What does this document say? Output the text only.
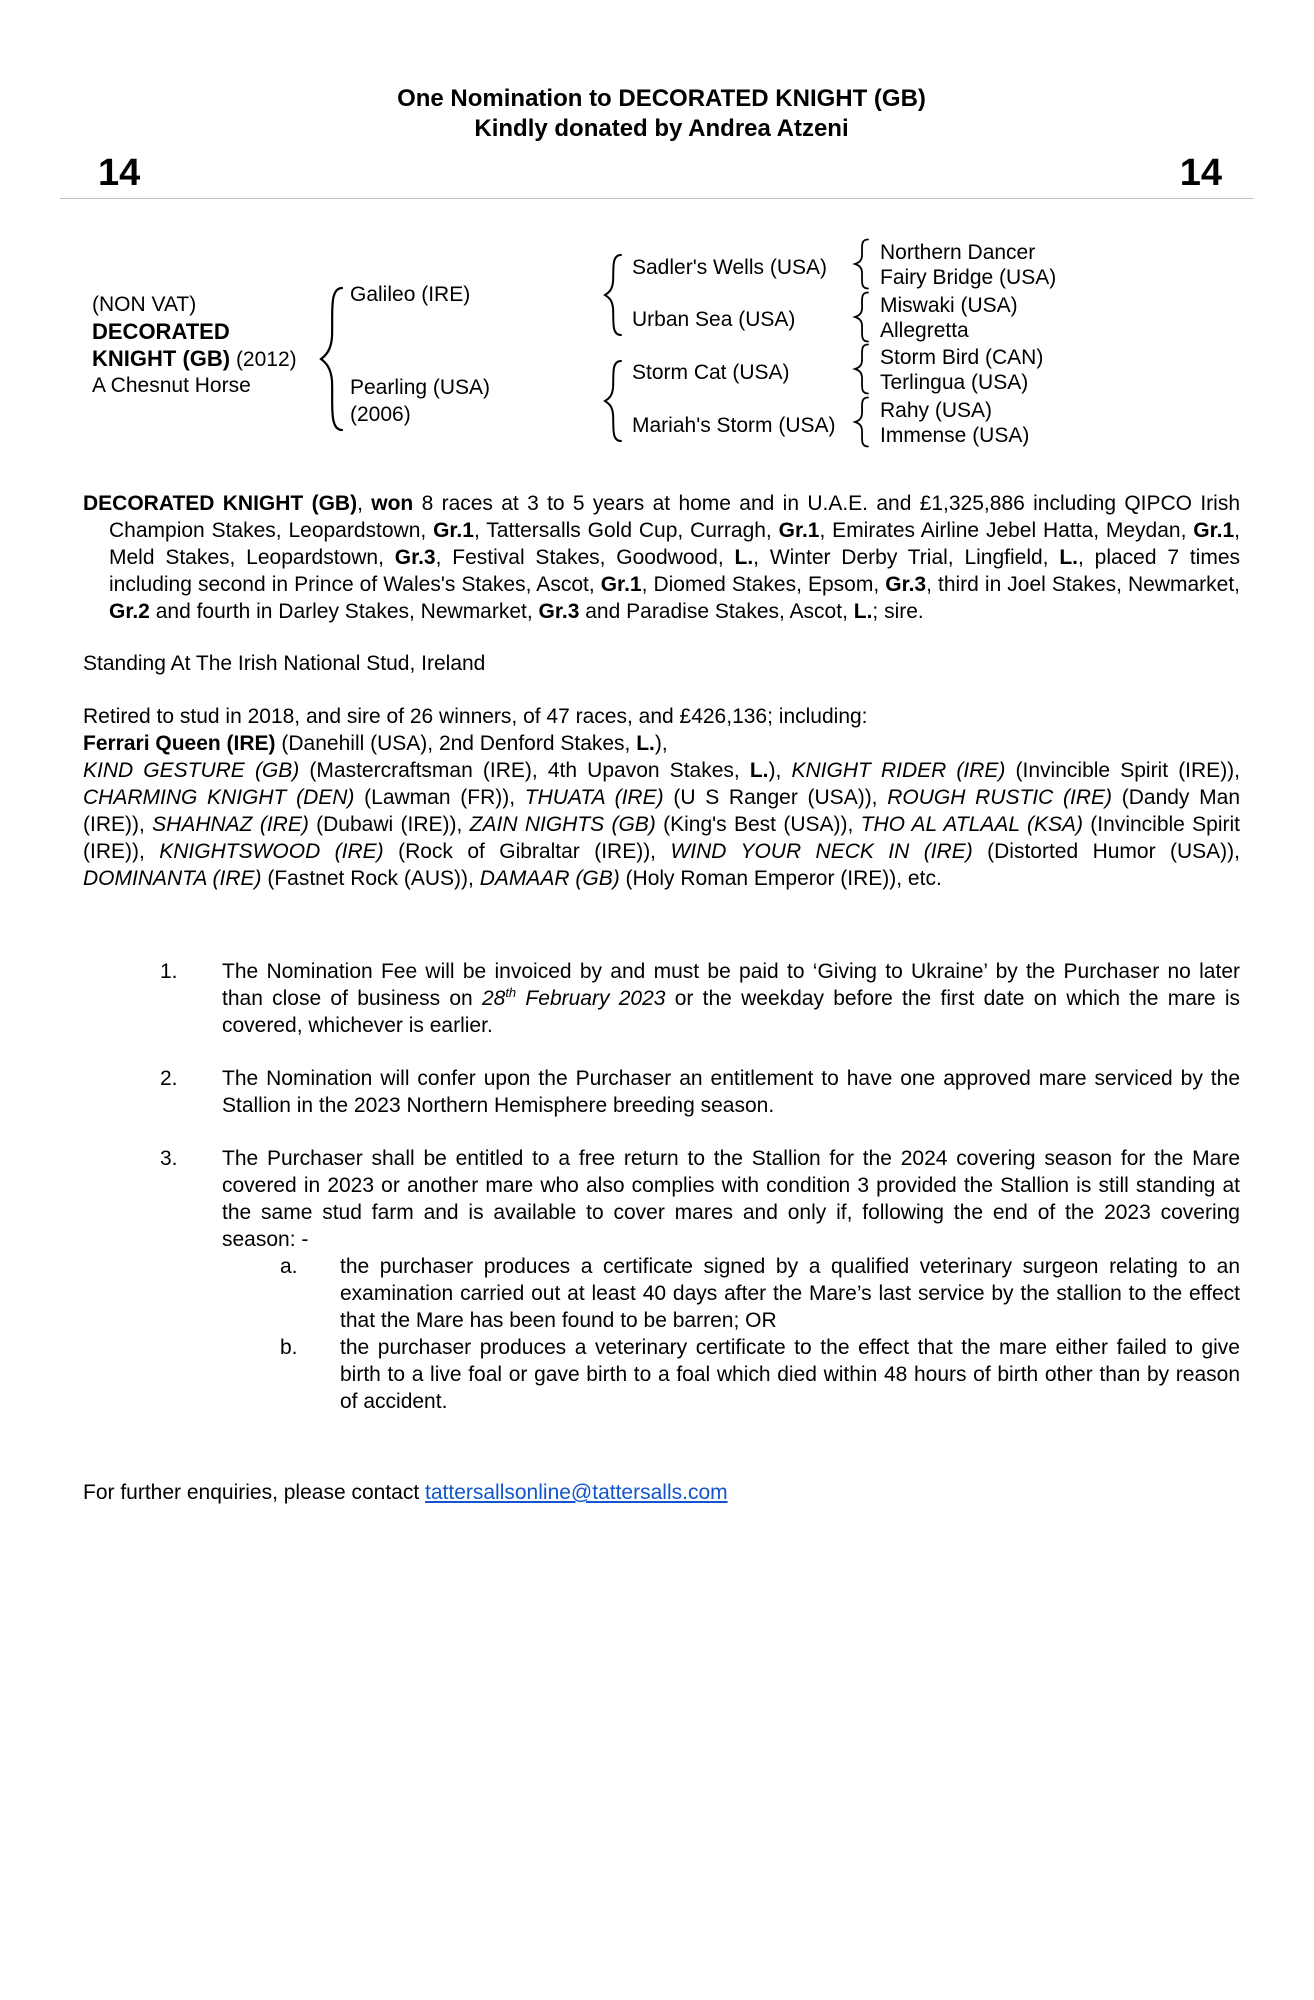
One Nomination to DECORATED KNIGHT (GB)
Kindly donated by Andrea Atzeni
14	14
(NON VAT)
DECORATED
KNIGHT (GB) (2012)
A Chesnut Horse
Galileo (IRE)
Pearling (USA)
(2006)
Sadler's Wells (USA)
Urban Sea (USA)
Storm Cat (USA)
Mariah's Storm (USA)
Northern Dancer
Fairy Bridge (USA)
Miswaki (USA)
Allegretta
Storm Bird (CAN)
Terlingua (USA)
Rahy (USA)
Immense (USA)

DECORATED KNIGHT (GB), won 8 races at 3 to 5 years at home and in U.A.E. and £1,325,886 including QIPCO Irish Champion Stakes, Leopardstown, Gr.1, Tattersalls Gold Cup, Curragh, Gr.1, Emirates Airline Jebel Hatta, Meydan, Gr.1, Meld Stakes, Leopardstown, Gr.3, Festival Stakes, Goodwood, L., Winter Derby Trial, Lingfield, L., placed 7 times including second in Prince of Wales's Stakes, Ascot, Gr.1, Diomed Stakes, Epsom, Gr.3, third in Joel Stakes, Newmarket, Gr.2 and fourth in Darley Stakes, Newmarket, Gr.3 and Paradise Stakes, Ascot, L.; sire.

Standing At The Irish National Stud, Ireland

Retired to stud in 2018, and sire of 26 winners, of 47 races, and £426,136; including:
Ferrari Queen (IRE) (Danehill (USA), 2nd Denford Stakes, L.),
KIND GESTURE (GB) (Mastercraftsman (IRE), 4th Upavon Stakes, L.), KNIGHT RIDER (IRE) (Invincible Spirit (IRE)), CHARMING KNIGHT (DEN) (Lawman (FR)), THUATA (IRE) (U S Ranger (USA)), ROUGH RUSTIC (IRE) (Dandy Man (IRE)), SHAHNAZ (IRE) (Dubawi (IRE)), ZAIN NIGHTS (GB) (King's Best (USA)), THO AL ATLAAL (KSA) (Invincible Spirit (IRE)), KNIGHTSWOOD (IRE) (Rock of Gibraltar (IRE)), WIND YOUR NECK IN (IRE) (Distorted Humor (USA)), DOMINANTA (IRE) (Fastnet Rock (AUS)), DAMAAR (GB) (Holy Roman Emperor (IRE)), etc.

1.	The Nomination Fee will be invoiced by and must be paid to ‘Giving to Ukraine’ by the Purchaser no later than close of business on 28th February 2023 or the weekday before the first date on which the mare is covered, whichever is earlier.
2.	The Nomination will confer upon the Purchaser an entitlement to have one approved mare serviced by the Stallion in the 2023 Northern Hemisphere breeding season.
3.	The Purchaser shall be entitled to a free return to the Stallion for the 2024 covering season for the Mare covered in 2023 or another mare who also complies with condition 3 provided the Stallion is still standing at the same stud farm and is available to cover mares and only if, following the end of the 2023 covering season: -
a.	the purchaser produces a certificate signed by a qualified veterinary surgeon relating to an examination carried out at least 40 days after the Mare’s last service by the stallion to the effect that the Mare has been found to be barren; OR
b.	the purchaser produces a veterinary certificate to the effect that the mare either failed to give birth to a live foal or gave birth to a foal which died within 48 hours of birth other than by reason of accident.

For further enquiries, please contact tattersallsonline@tattersalls.com
